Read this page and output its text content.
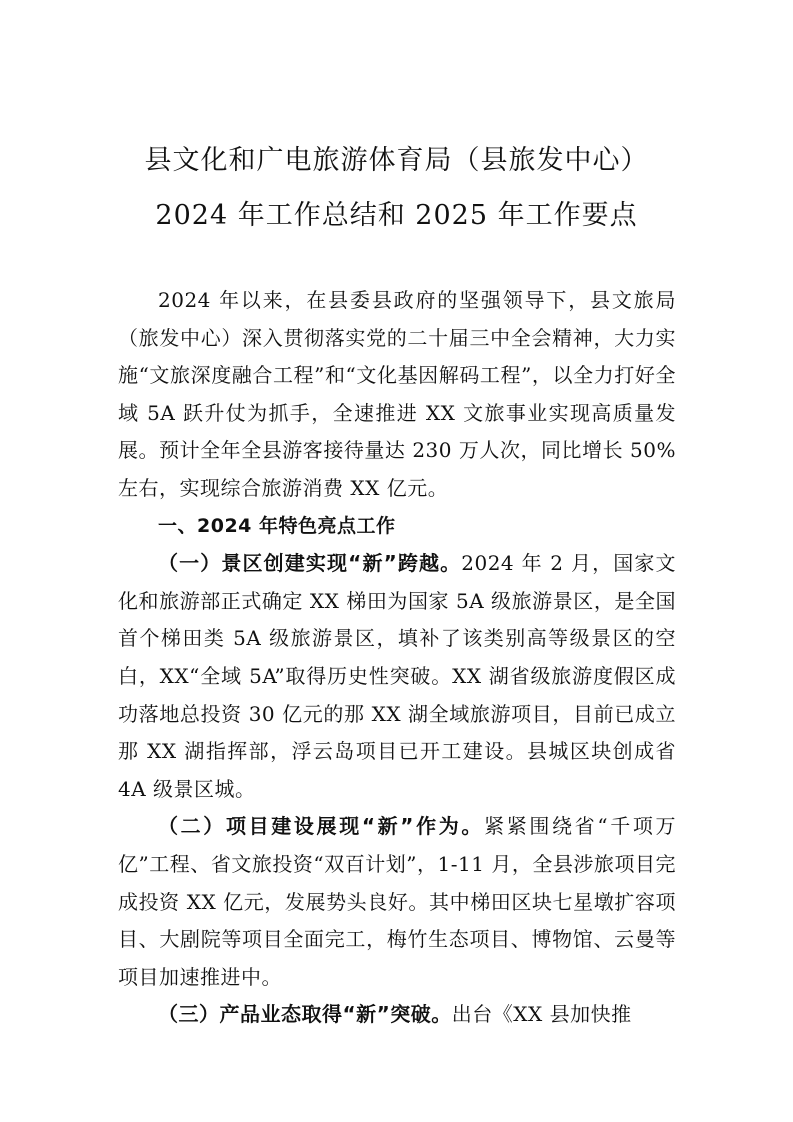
县文化和广电旅游体育局（县旅发中心）
2024 年工作总结和 2025 年工作要点

2024 年以来，在县委县政府的坚强领导下，县文旅局（旅发中心）深入贯彻落实党的二十届三中全会精神，大力实施“文旅深度融合工程”和“文化基因解码工程”，以全力打好全域 5A 跃升仗为抓手，全速推进 XX 文旅事业实现高质量发展。预计全年全县游客接待量达 230 万人次，同比增长 50%左右，实现综合旅游消费 XX 亿元。

一、2024 年特色亮点工作

（一）景区创建实现“新”跨越。2024 年 2 月，国家文化和旅游部正式确定 XX 梯田为国家 5A 级旅游景区，是全国首个梯田类 5A 级旅游景区，填补了该类别高等级景区的空白，XX“全域 5A”取得历史性突破。XX 湖省级旅游度假区成功落地总投资 30 亿元的那 XX 湖全域旅游项目，目前已成立那 XX 湖指挥部，浮云岛项目已开工建设。县城区块创成省 4A 级景区城。

（二）项目建设展现“新”作为。紧紧围绕省“千项万亿”工程、省文旅投资“双百计划”，1-11 月，全县涉旅项目完成投资 XX 亿元，发展势头良好。其中梯田区块七星墩扩容项目、大剧院等项目全面完工，梅竹生态项目、博物馆、云曼等项目加速推进中。

（三）产品业态取得“新”突破。出台《XX 县加快推
